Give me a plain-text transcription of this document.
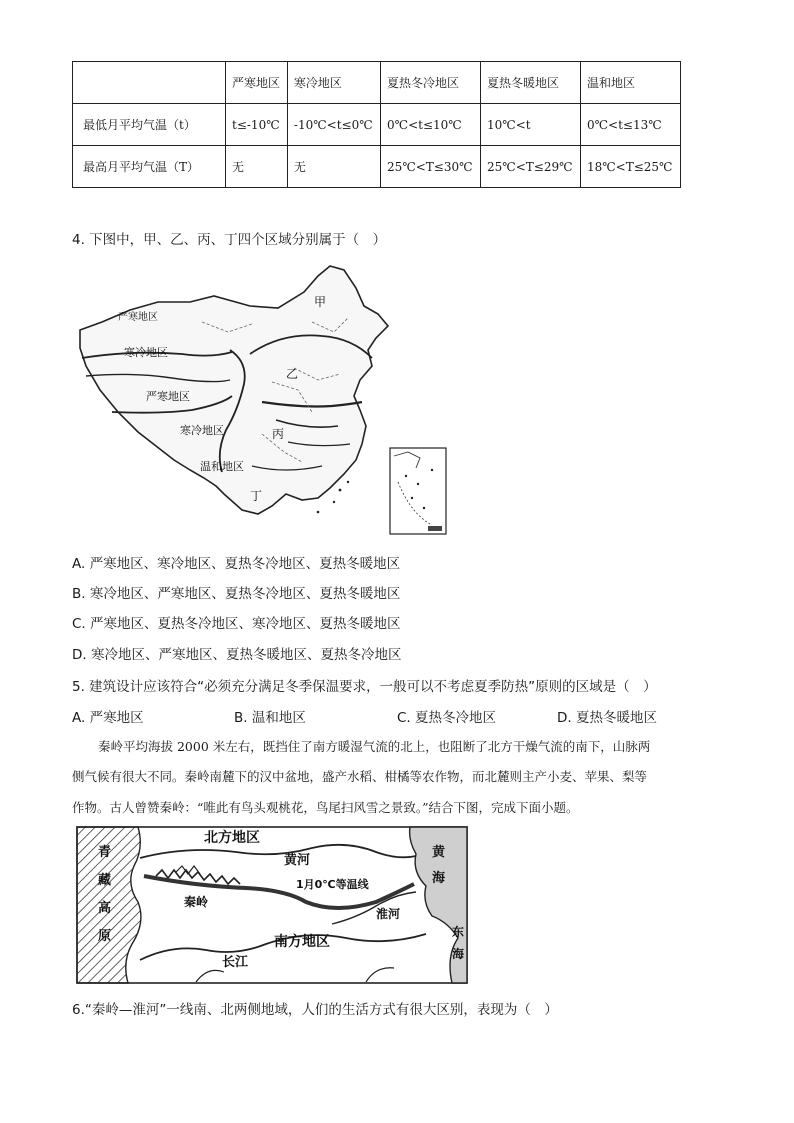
	严寒地区	寒冷地区	夏热冬冷地区	夏热冬暖地区	温和地区
最低月平均气温（t）	t≤-10℃	-10℃<t≤0℃	0℃<t≤10℃	10℃<t	0℃<t≤13℃
最高月平均气温（T）	无	无	25℃<T≤30℃	25℃<T≤29℃	18℃<T≤25℃
4. 下图中，甲、乙、丙、丁四个区域分别属于（　）
严寒地区
寒冷地区
严寒地区
寒冷地区
温和地区
甲
乙
丙
丁
A. 严寒地区、寒冷地区、夏热冬冷地区、夏热冬暖地区
B. 寒冷地区、严寒地区、夏热冬冷地区、夏热冬暖地区
C. 严寒地区、夏热冬冷地区、寒冷地区、夏热冬暖地区
D. 寒冷地区、严寒地区、夏热冬暖地区、夏热冬冷地区
5. 建筑设计应该符合“必须充分满足冬季保温要求，一般可以不考虑夏季防热”原则的区域是（　）
A. 严寒地区	B. 温和地区	C. 夏热冬冷地区	D. 夏热冬暖地区
秦岭平均海拔 2000 米左右，既挡住了南方暖湿气流的北上，也阻断了北方干燥气流的南下，山脉两
侧气候有很大不同。秦岭南麓下的汉中盆地，盛产水稻、柑橘等农作物，而北麓则主产小麦、苹果、梨等
作物。古人曾赞秦岭：“唯此有鸟头观桃花，鸟尾扫风雪之景致。”结合下图，完成下面小题。
北方地区
黄河
青
藏
高
原
1月0℃等温线
秦岭
淮河
南方地区
长江
黄
海
东
海
6.“秦岭—淮河”一线南、北两侧地域，人们的生活方式有很大区别，表现为（　）
